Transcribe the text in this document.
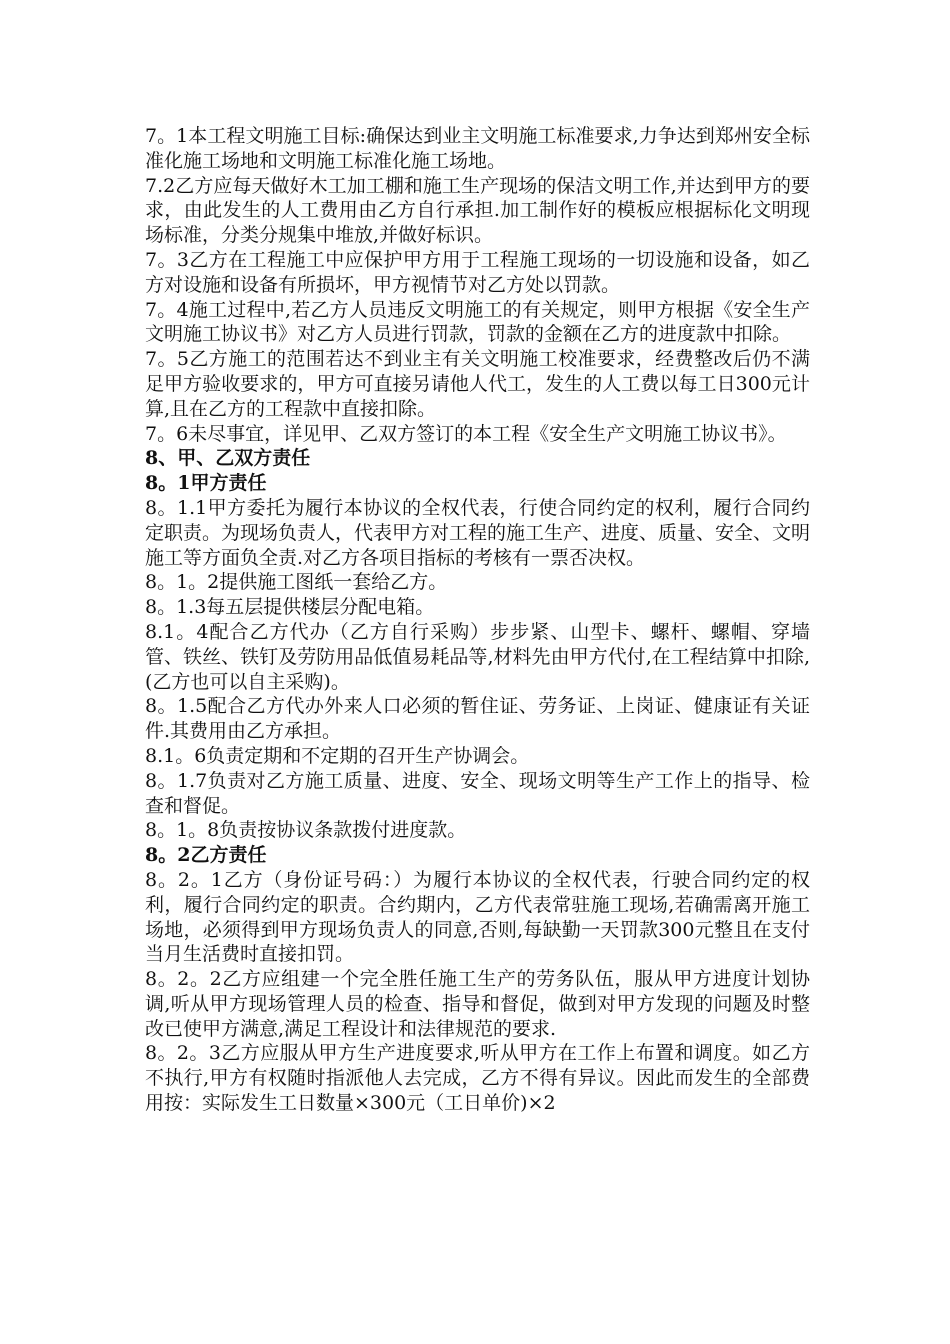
7。1本工程文明施工目标:确保达到业主文明施工标准要求,力争达到郑州安全标准化施工场地和文明施工标准化施工场地。

7.2乙方应每天做好木工加工棚和施工生产现场的保洁文明工作,并达到甲方的要求，由此发生的人工费用由乙方自行承担.加工制作好的模板应根据标化文明现场标准，分类分规集中堆放,并做好标识。

7。3乙方在工程施工中应保护甲方用于工程施工现场的一切设施和设备，如乙方对设施和设备有所损坏，甲方视情节对乙方处以罚款。

7。4施工过程中,若乙方人员违反文明施工的有关规定，则甲方根据《安全生产文明施工协议书》对乙方人员进行罚款，罚款的金额在乙方的进度款中扣除。

7。5乙方施工的范围若达不到业主有关文明施工校准要求，经费整改后仍不满足甲方验收要求的，甲方可直接另请他人代工，发生的人工费以每工日300元计算,且在乙方的工程款中直接扣除。

7。6未尽事宜，详见甲、乙双方签订的本工程《安全生产文明施工协议书》。

8、甲、乙双方责任

8。1甲方责任

8。1.1甲方委托为履行本协议的全权代表，行使合同约定的权利，履行合同约定职责。为现场负责人，代表甲方对工程的施工生产、进度、质量、安全、文明施工等方面负全责.对乙方各项目指标的考核有一票否决权。

8。1。2提供施工图纸一套给乙方。

8。1.3每五层提供楼层分配电箱。

8.1。4配合乙方代办（乙方自行采购）步步紧、山型卡、螺杆、螺帽、穿墙管、铁丝、铁钉及劳防用品低值易耗品等,材料先由甲方代付,在工程结算中扣除,(乙方也可以自主采购)。

8。1.5配合乙方代办外来人口必须的暂住证、劳务证、上岗证、健康证有关证件.其费用由乙方承担。

8.1。6负责定期和不定期的召开生产协调会。

8。1.7负责对乙方施工质量、进度、安全、现场文明等生产工作上的指导、检查和督促。

8。1。8负责按协议条款拨付进度款。

8。2乙方责任

8。2。1乙方（身份证号码：）为履行本协议的全权代表，行驶合同约定的权利，履行合同约定的职责。合约期内，乙方代表常驻施工现场,若确需离开施工场地，必须得到甲方现场负责人的同意,否则,每缺勤一天罚款300元整且在支付当月生活费时直接扣罚。

8。2。2乙方应组建一个完全胜任施工生产的劳务队伍，服从甲方进度计划协调,听从甲方现场管理人员的检查、指导和督促，做到对甲方发现的问题及时整改已使甲方满意,满足工程设计和法律规范的要求.

8。2。3乙方应服从甲方生产进度要求,听从甲方在工作上布置和调度。如乙方不执行,甲方有权随时指派他人去完成，乙方不得有异议。因此而发生的全部费用按：实际发生工日数量×300元（工日单价)×2
